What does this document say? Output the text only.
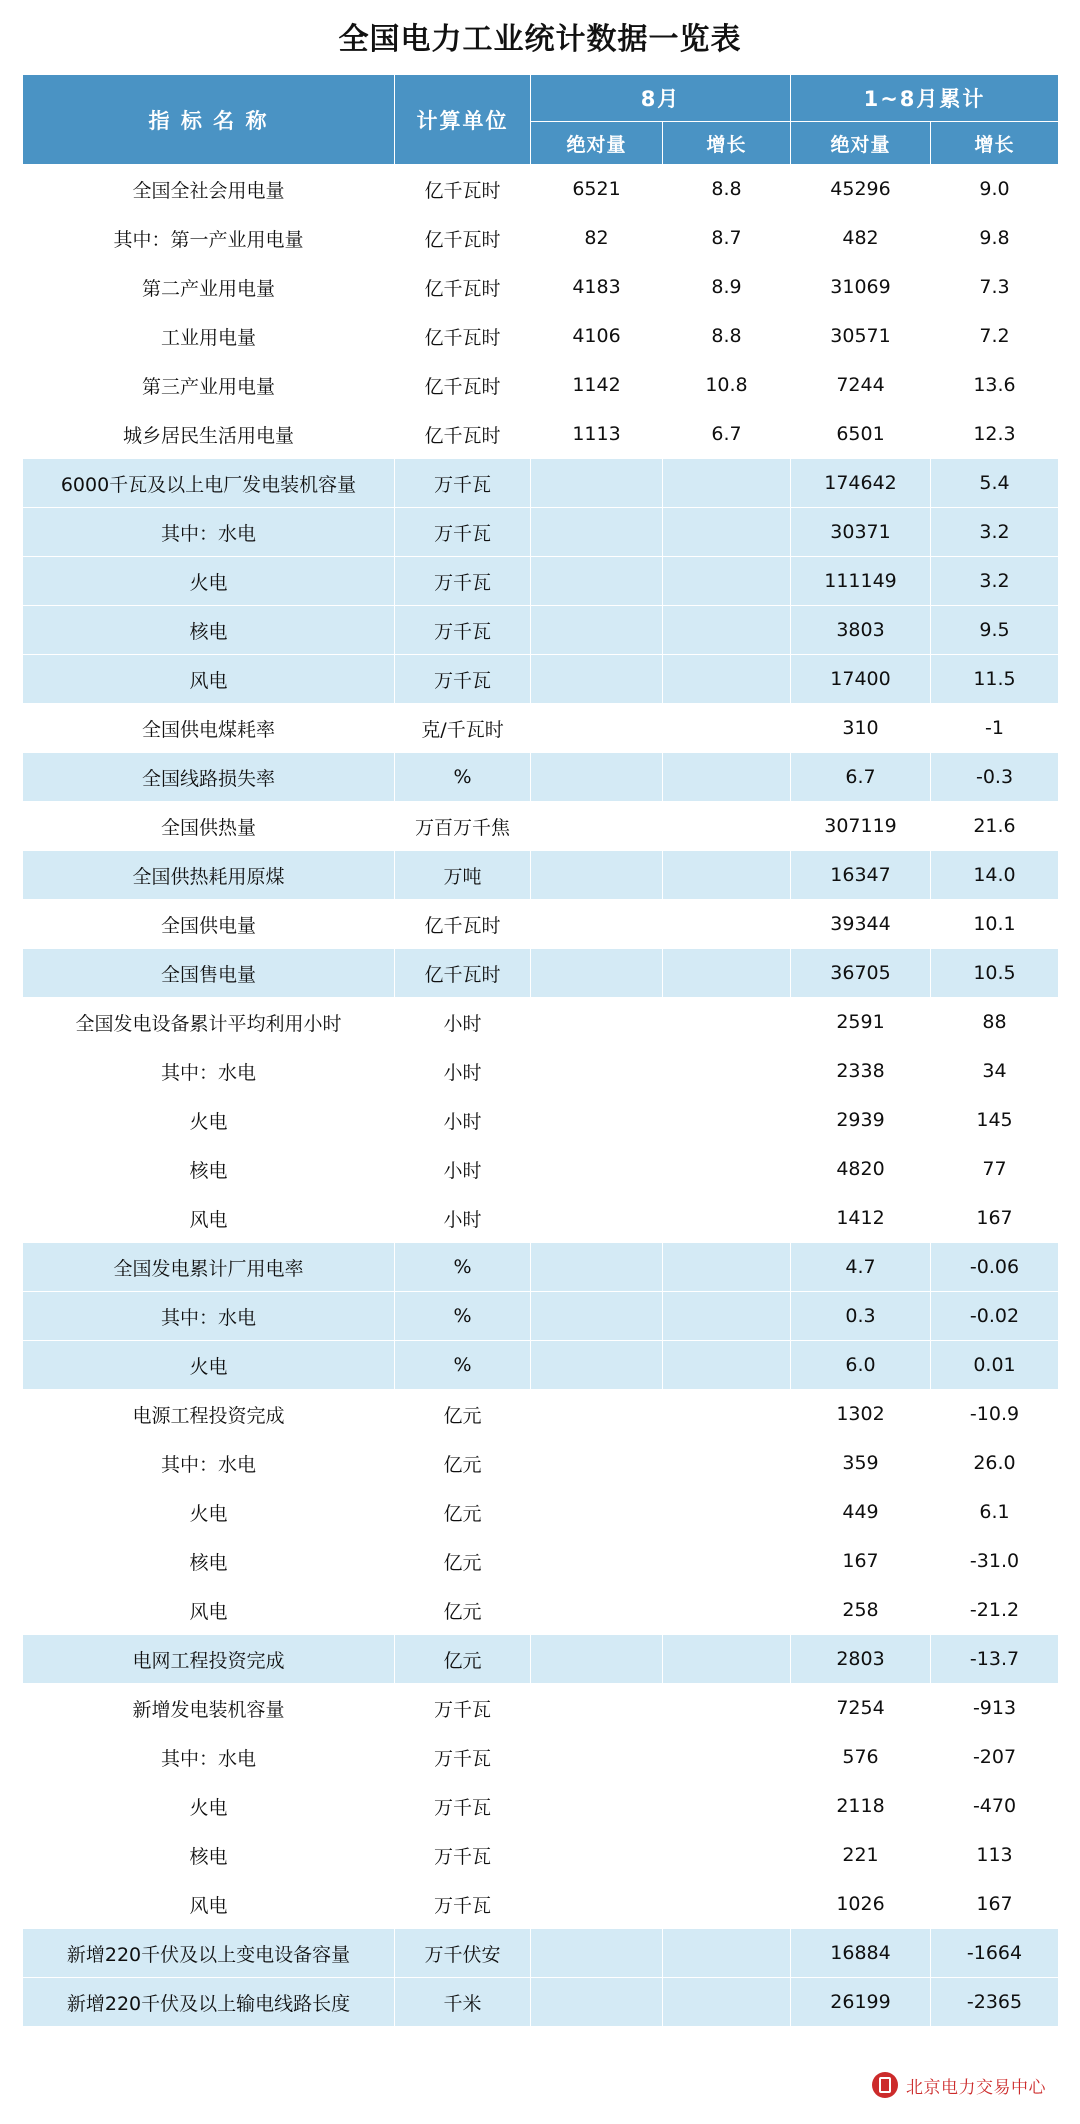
全国电力工业统计数据一览表
指 标 名 称	计算单位	8月		1~8月累计	
		绝对量	增长	绝对量	增长
全国全社会用电量	亿千瓦时	6521	8.8	45296	9.0
其中：第一产业用电量	亿千瓦时	82	8.7	482	9.8
第二产业用电量	亿千瓦时	4183	8.9	31069	7.3
工业用电量	亿千瓦时	4106	8.8	30571	7.2
第三产业用电量	亿千瓦时	1142	10.8	7244	13.6
城乡居民生活用电量	亿千瓦时	1113	6.7	6501	12.3
6000千瓦及以上电厂发电装机容量	万千瓦			174642	5.4
其中：水电	万千瓦			30371	3.2
火电	万千瓦			111149	3.2
核电	万千瓦			3803	9.5
风电	万千瓦			17400	11.5
全国供电煤耗率	克/千瓦时			310	-1
全国线路损失率	%			6.7	-0.3
全国供热量	万百万千焦			307119	21.6
全国供热耗用原煤	万吨			16347	14.0
全国供电量	亿千瓦时			39344	10.1
全国售电量	亿千瓦时			36705	10.5
全国发电设备累计平均利用小时	小时			2591	88
其中：水电	小时			2338	34
火电	小时			2939	145
核电	小时			4820	77
风电	小时			1412	167
全国发电累计厂用电率	%			4.7	-0.06
其中：水电	%			0.3	-0.02
火电	%			6.0	0.01
电源工程投资完成	亿元			1302	-10.9
其中：水电	亿元			359	26.0
火电	亿元			449	6.1
核电	亿元			167	-31.0
风电	亿元			258	-21.2
电网工程投资完成	亿元			2803	-13.7
新增发电装机容量	万千瓦			7254	-913
其中：水电	万千瓦			576	-207
火电	万千瓦			2118	-470
核电	万千瓦			221	113
风电	万千瓦			1026	167
新增220千伏及以上变电设备容量	万千伏安			16884	-1664
新增220千伏及以上输电线路长度	千米			26199	-2365
北京电力交易中心
